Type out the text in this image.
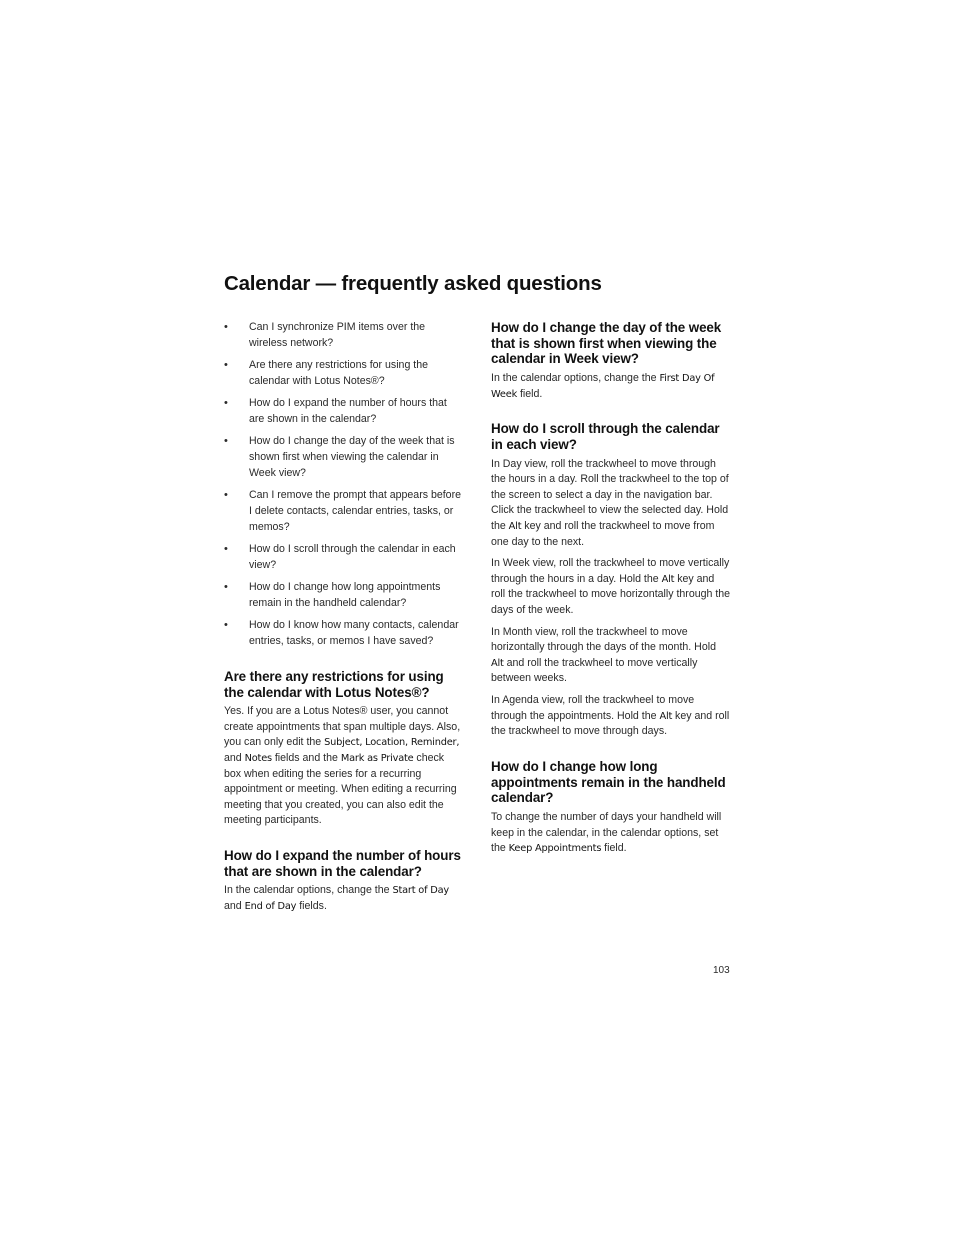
Calendar — frequently asked questions
• Can I synchronize PIM items over the wireless network?
• Are there any restrictions for using the calendar with Lotus Notes®?
• How do I expand the number of hours that are shown in the calendar?
• How do I change the day of the week that is shown first when viewing the calendar in Week view?
• Can I remove the prompt that appears before I delete contacts, calendar entries, tasks, or memos?
• How do I scroll through the calendar in each view?
• How do I change how long appointments remain in the handheld calendar?
• How do I know how many contacts, calendar entries, tasks, or memos I have saved?
Are there any restrictions for using the calendar with Lotus Notes®?

Yes. If you are a Lotus Notes® user, you cannot create appointments that span multiple days. Also, you can only edit the Subject, Location, Reminder, and Notes fields and the Mark as Private check box when editing the series for a recurring appointment or meeting. When editing a recurring meeting that you created, you can also edit the meeting participants.

How do I expand the number of hours that are shown in the calendar?

In the calendar options, change the Start of Day and End of Day fields.

How do I change the day of the week that is shown first when viewing the calendar in Week view?

In the calendar options, change the First Day Of Week field.

How do I scroll through the calendar in each view?

In Day view, roll the trackwheel to move through the hours in a day. Roll the trackwheel to the top of the screen to select a day in the navigation bar. Click the trackwheel to view the selected day. Hold the Alt key and roll the trackwheel to move from one day to the next.

In Week view, roll the trackwheel to move vertically through the hours in a day. Hold the Alt key and roll the trackwheel to move horizontally through the days of the week.

In Month view, roll the trackwheel to move horizontally through the days of the month. Hold Alt and roll the trackwheel to move vertically between weeks.

In Agenda view, roll the trackwheel to move through the appointments. Hold the Alt key and roll the trackwheel to move through days.

How do I change how long appointments remain in the handheld calendar?

To change the number of days your handheld will keep in the calendar, in the calendar options, set the Keep Appointments field.

103
